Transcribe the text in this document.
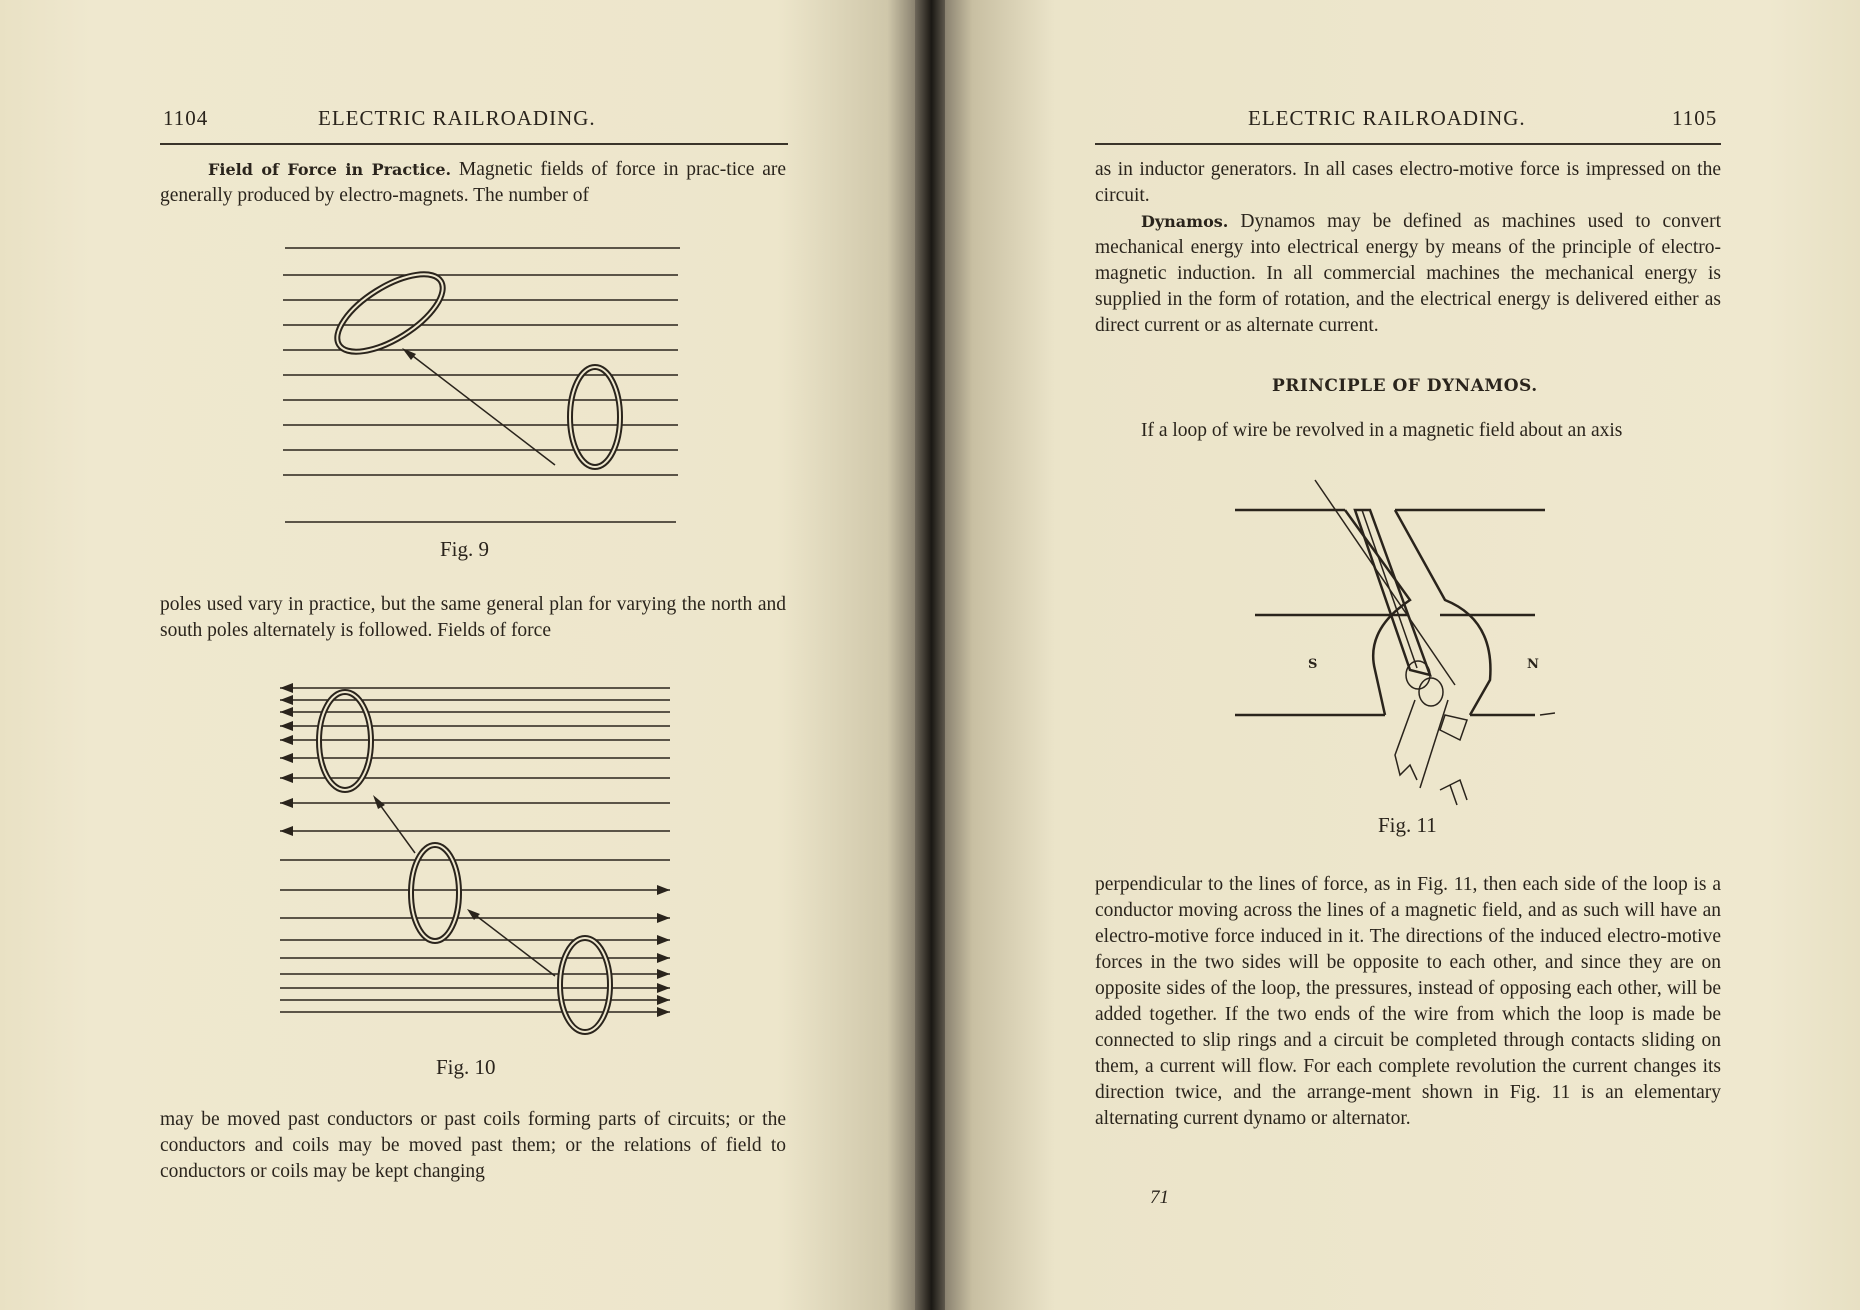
1104	ELECTRIC RAILROADING.

Field of Force in Practice. Magnetic fields of force in prac-tice are generally produced by electro-magnets. The number of

Fig. 9

poles used vary in practice, but the same general plan for varying the north and south poles alternately is followed. Fields of force

Fig. 10

may be moved past conductors or past coils forming parts of circuits; or the conductors and coils may be moved past them; or the relations of field to conductors or coils may be kept changing

ELECTRIC RAILROADING.	1105

as in inductor generators. In all cases electro-motive force is impressed on the circuit.

Dynamos. Dynamos may be defined as machines used to convert mechanical energy into electrical energy by means of the principle of electro-magnetic induction. In all commercial machines the mechanical energy is supplied in the form of rotation, and the electrical energy is delivered either as direct current or as alternate current.

PRINCIPLE OF DYNAMOS.

If a loop of wire be revolved in a magnetic field about an axis

S	N
Fig. 11

perpendicular to the lines of force, as in Fig. 11, then each side of the loop is a conductor moving across the lines of a magnetic field, and as such will have an electro-motive force induced in it. The directions of the induced electro-motive forces in the two sides will be opposite to each other, and since they are on opposite sides of the loop, the pressures, instead of opposing each other, will be added together. If the two ends of the wire from which the loop is made be connected to slip rings and a circuit be completed through contacts sliding on them, a current will flow. For each complete revolution the current changes its direction twice, and the arrange-ment shown in Fig. 11 is an elementary alternating current dynamo or alternator.

71
